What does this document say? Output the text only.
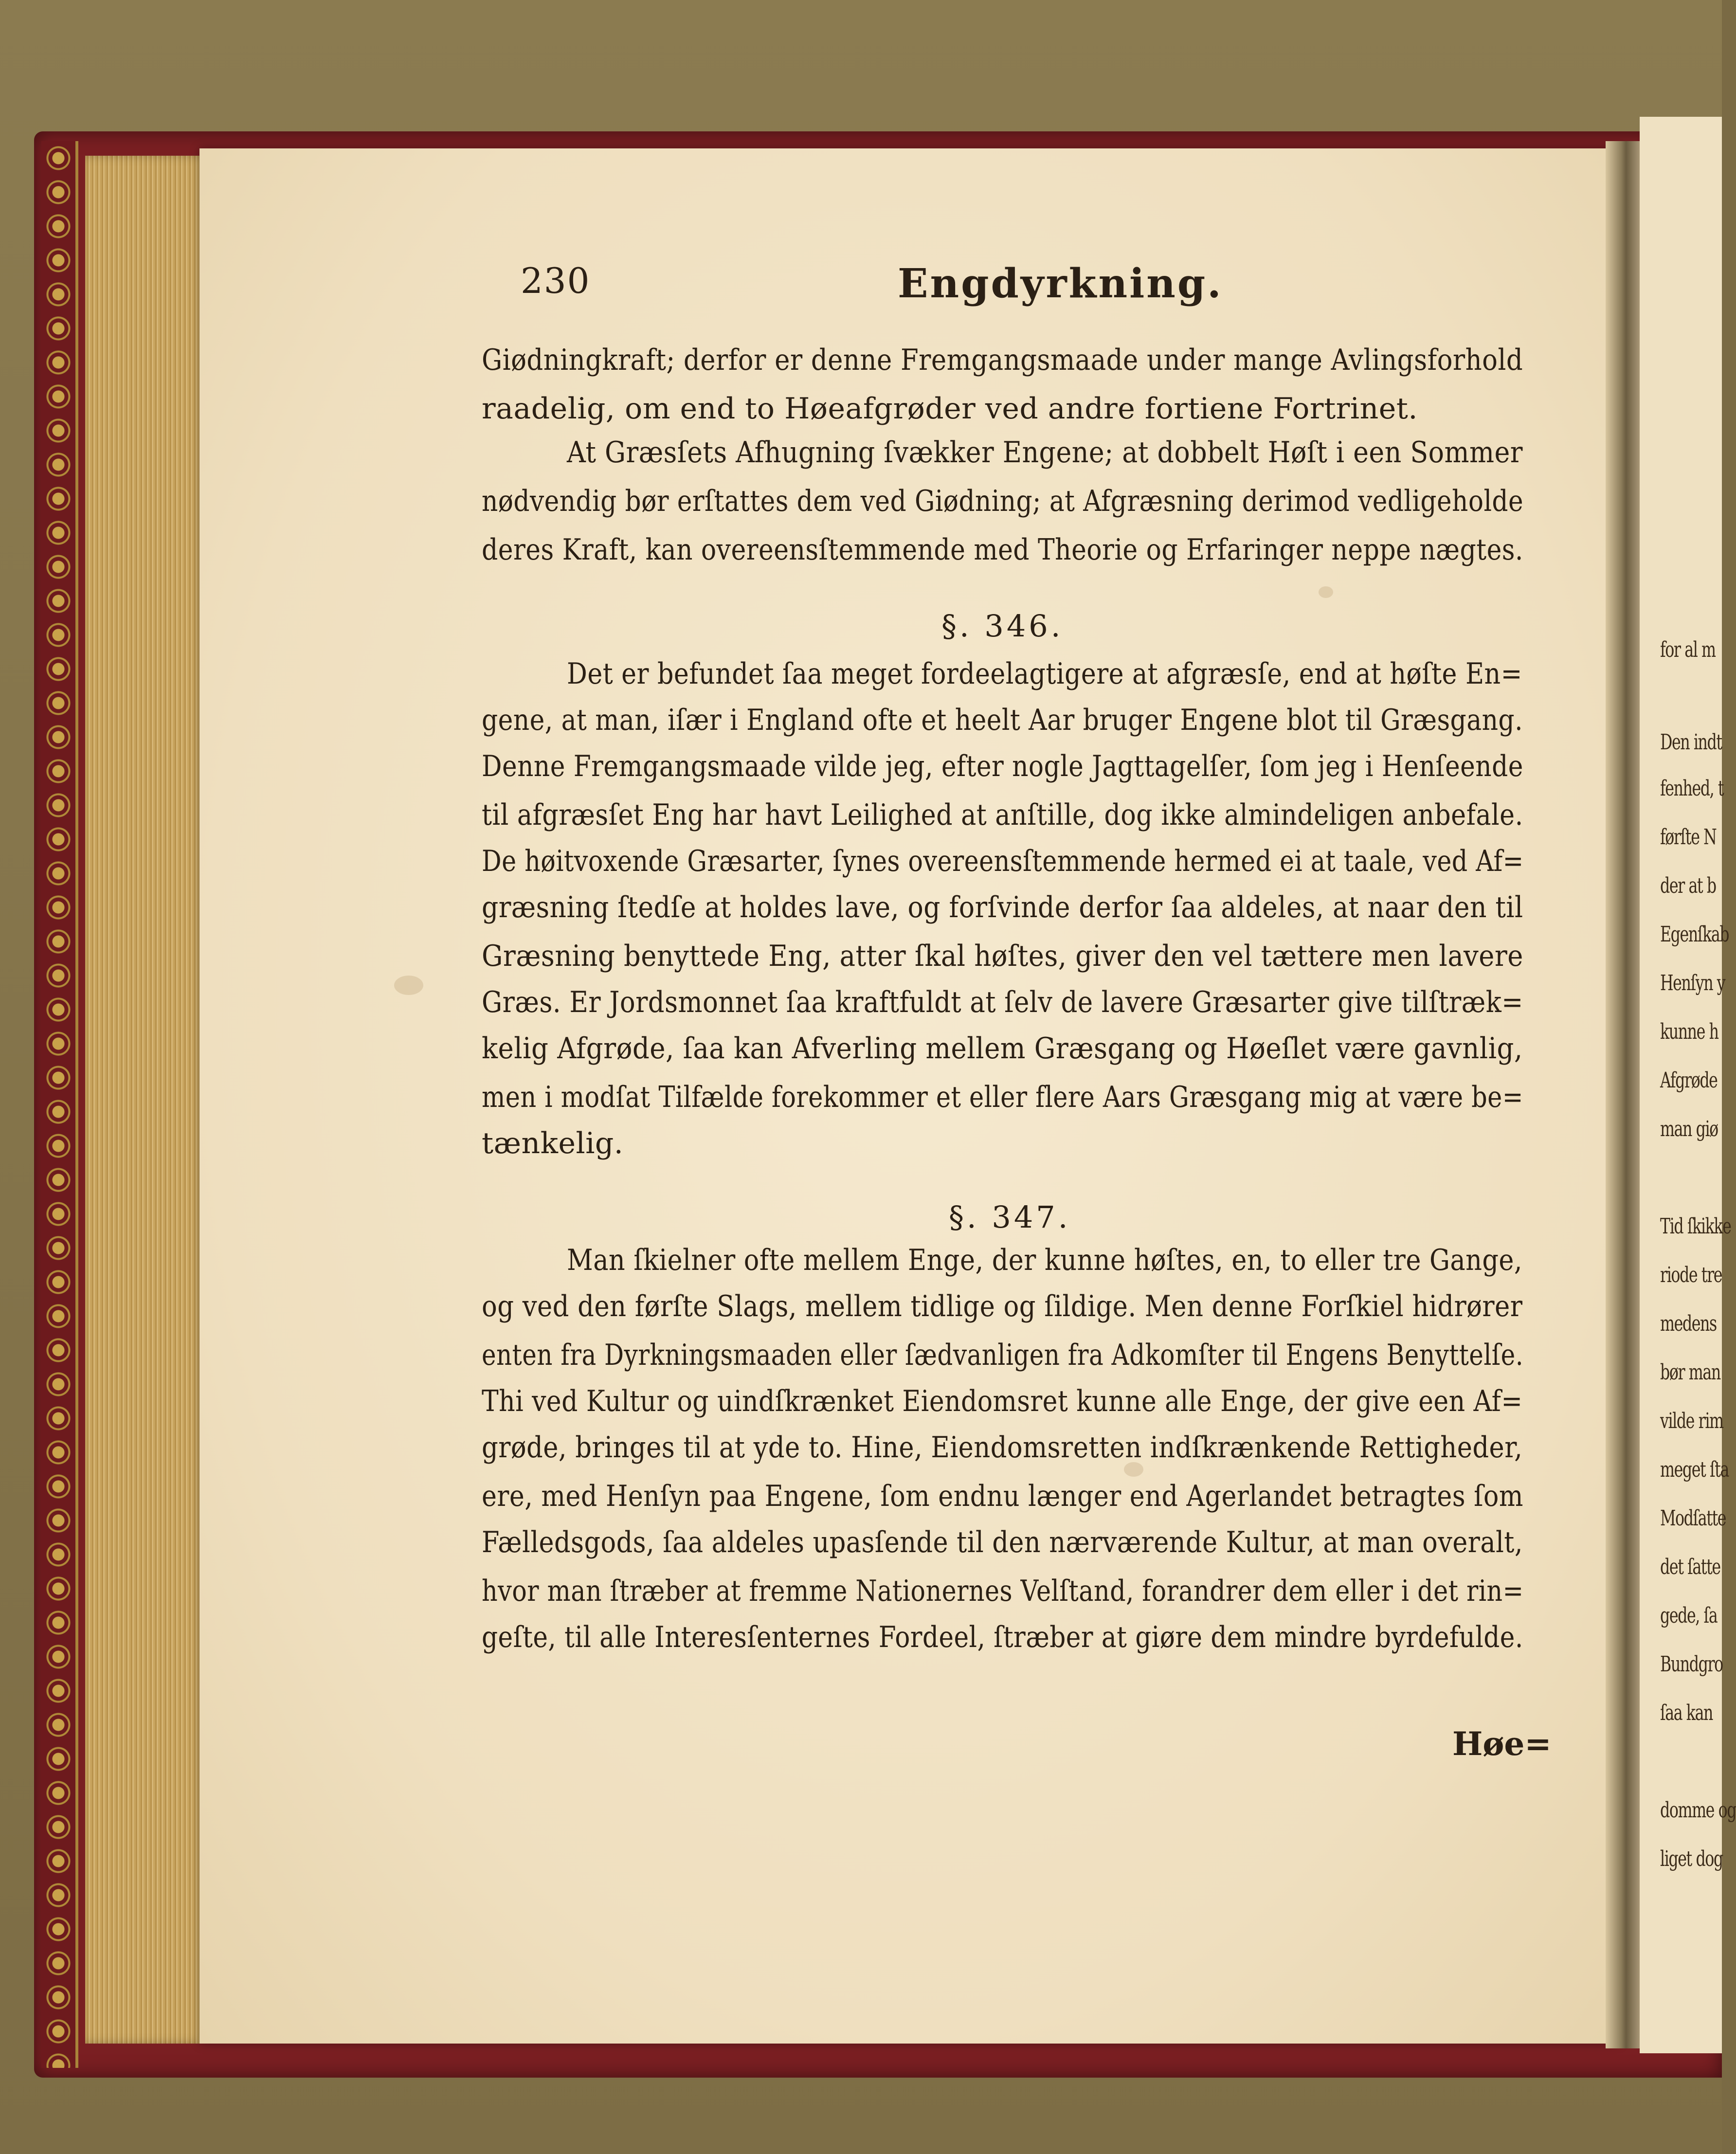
for al m
Den indt
fenhed, t
førſte N
der at b
Egenſkab
Henſyn y
kunne h
Afgrøde
man giø
Tid ſkikke
riode tre
medens
bør man
vilde rim
meget ſta
Modſatte
det ſatte
gede, ſa
Bundgro
ſaa kan
domme og
liget dog
230	Engdyrkning.
Giødningkraft; derfor er denne Fremgangsmaade under mange Avlingsforhold
raadelig, om end to Høeafgrøder ved andre fortiene Fortrinet.
At Græsſets Afhugning ſvækker Engene; at dobbelt Høſt i een Sommer
nødvendig bør erſtattes dem ved Giødning; at Afgræsning derimod vedligeholde
deres Kraft, kan overeensſtemmende med Theorie og Erfaringer neppe nægtes.
§. 346.
Det er befundet ſaa meget fordeelagtigere at afgræsſe, end at høſte En=
gene, at man, iſær i England ofte et heelt Aar bruger Engene blot til Græsgang.
Denne Fremgangsmaade vilde jeg, efter nogle Jagttagelſer, ſom jeg i Henſeende
til afgræsſet Eng har havt Leilighed at anſtille, dog ikke almindeligen anbefale.
De høitvoxende Græsarter, ſynes overeensſtemmende hermed ei at taale, ved Af=
græsning ſtedſe at holdes lave, og forſvinde derfor ſaa aldeles, at naar den til
Græsning benyttede Eng, atter ſkal høſtes, giver den vel tættere men lavere
Græs. Er Jordsmonnet ſaa kraftfuldt at ſelv de lavere Græsarter give tilſtræk=
kelig Afgrøde, ſaa kan Afverling mellem Græsgang og Høeſlet være gavnlig,
men i modſat Tilfælde forekommer et eller flere Aars Græsgang mig at være be=
tænkelig.
§. 347.
Man ſkielner ofte mellem Enge, der kunne høſtes, en, to eller tre Gange,
og ved den førſte Slags, mellem tidlige og ſildige. Men denne Forſkiel hidrører
enten fra Dyrkningsmaaden eller ſædvanligen fra Adkomſter til Engens Benyttelſe.
Thi ved Kultur og uindſkrænket Eiendomsret kunne alle Enge, der give een Af=
grøde, bringes til at yde to. Hine, Eiendomsretten indſkrænkende Rettigheder,
ere, med Henſyn paa Engene, ſom endnu længer end Agerlandet betragtes ſom
Fælledsgods, ſaa aldeles upasſende til den nærværende Kultur, at man overalt,
hvor man ſtræber at fremme Nationernes Velſtand, forandrer dem eller i det rin=
geſte, til alle Interesſenternes Fordeel, ſtræber at giøre dem mindre byrdefulde.
Høe=
